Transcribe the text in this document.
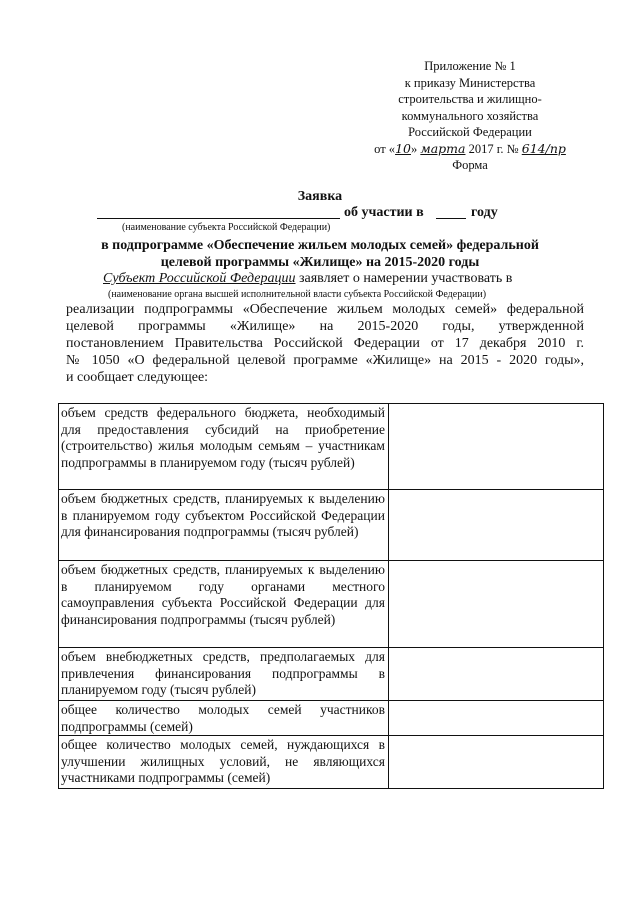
Приложение № 1
к приказу Министерства
строительства и жилищно-
коммунального хозяйства
Российской Федерации
от «10» марта 2017 г. № 614/пр
Форма
Заявка
об участии в	году
(наименование субъекта Российской Федерации)
в подпрограмме «Обеспечение жильем молодых семей» федеральной
целевой программы «Жилище» на 2015-2020 годы
Субъект Российской Федерации заявляет о намерении участвовать в
(наименование органа высшей исполнительной власти субъекта Российской Федерации)
реализации подпрограммы «Обеспечение жильем молодых семей» федеральной
целевой программы «Жилище» на 2015-2020 годы, утвержденной
постановлением Правительства Российской Федерации от 17 декабря 2010 г.
№ 1050 «О федеральной целевой программе «Жилище» на 2015 - 2020 годы»,
и сообщает следующее:
объем средств федерального бюджета, необходимый для предоставления субсидий на приобретение (строительство) жилья молодым семьям – участникам подпрограммы в планируемом году (тысяч рублей)	
объем бюджетных средств, планируемых к выделению в планируемом году субъектом Российской Федерации для финансирования подпрограммы (тысяч рублей)	
объем бюджетных средств, планируемых к выделению в планируемом году органами местного самоуправления субъекта Российской Федерации для финансирования подпрограммы (тысяч рублей)	
объем внебюджетных средств, предполагаемых для привлечения финансирования подпрограммы в планируемом году (тысяч рублей)	
общее количество молодых семей участников подпрограммы (семей)	
общее количество молодых семей, нуждающихся в улучшении жилищных условий, не являющихся участниками подпрограммы (семей)	
